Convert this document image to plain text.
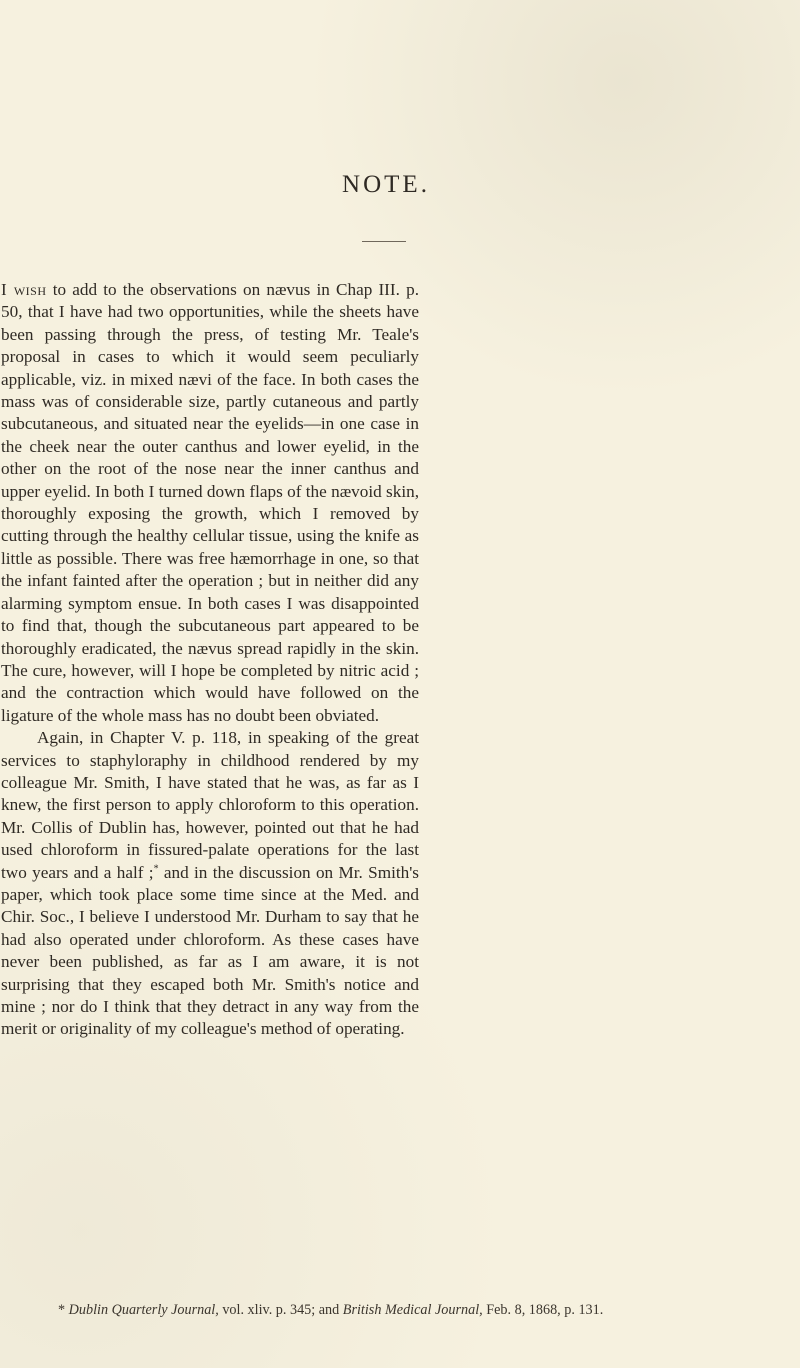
NOTE.

I wish to add to the observations on nævus in Chap III. p. 50, that I have had two opportunities, while the sheets have been passing through the press, of testing Mr. Teale's proposal in cases to which it would seem peculiarly applicable, viz. in mixed nævi of the face. In both cases the mass was of considerable size, partly cutaneous and partly subcutaneous, and situated near the eyelids—in one case in the cheek near the outer canthus and lower eyelid, in the other on the root of the nose near the inner canthus and upper eyelid. In both I turned down flaps of the nævoid skin, thoroughly exposing the growth, which I removed by cutting through the healthy cellular tissue, using the knife as little as possible. There was free hæmorrhage in one, so that the infant fainted after the operation ; but in neither did any alarming symptom ensue. In both cases I was disappointed to find that, though the subcutaneous part appeared to be thoroughly eradicated, the nævus spread rapidly in the skin. The cure, however, will I hope be completed by nitric acid ; and the contraction which would have followed on the ligature of the whole mass has no doubt been obviated.

Again, in Chapter V. p. 118, in speaking of the great services to staphyloraphy in childhood rendered by my colleague Mr. Smith, I have stated that he was, as far as I knew, the first person to apply chloroform to this operation. Mr. Collis of Dublin has, however, pointed out that he had used chloroform in fissured-palate operations for the last two years and a half ;* and in the discussion on Mr. Smith's paper, which took place some time since at the Med. and Chir. Soc., I believe I understood Mr. Durham to say that he had also operated under chloroform. As these cases have never been published, as far as I am aware, it is not surprising that they escaped both Mr. Smith's notice and mine ; nor do I think that they detract in any way from the merit or originality of my colleague's method of operating.

* Dublin Quarterly Journal, vol. xliv. p. 345; and British Medical Journal, Feb. 8, 1868, p. 131.
